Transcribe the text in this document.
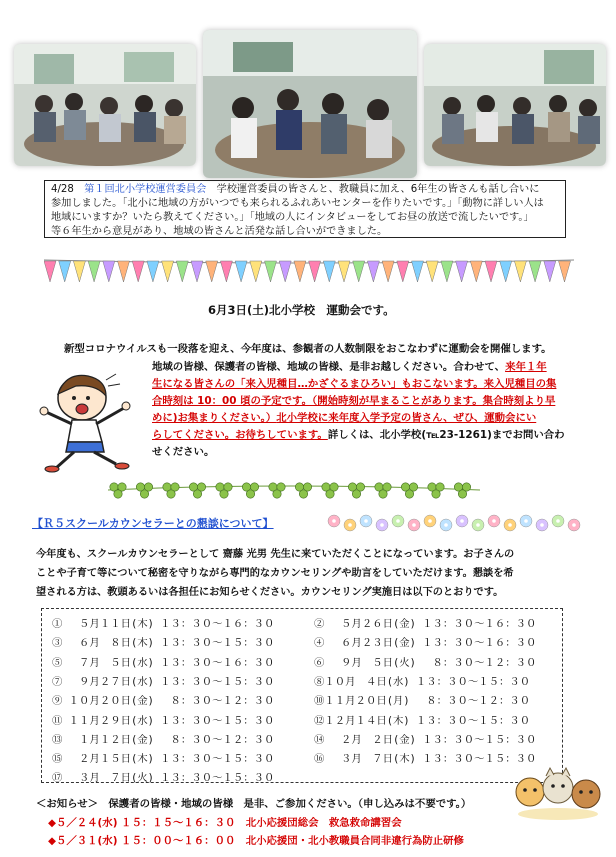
4/28　 第１回北小学校運営委員会　 学校運営委員の皆さんと、教職員に加え、6年生の皆さんも話し合いに
参加しました。「北小に地域の方がいつでも来られるふれあいセンターを作りたいです。」「動物に詳しい人は
地域にいますか？いたら教えてください。」「地域の人にインタビューをしてお昼の放送で流したいです。」
等６年生から意見があり、地域の皆さんと活発な話し合いができました。
6月3日(土)北小学校　運動会です。
新型コロナウイルスも一段落を迎え、今年度は、参観者の人数制限をおこなわずに運動会を開催します。
地域の皆様、保護者の皆様、地域の皆様、是非お越しください。合わせて、来年１年
生になる皆さんの「来入児種目…かざぐるまひろい」もおこないます。来入児種目の集
合時刻は 10：00 頃の予定です。（開始時刻が早まることがあります。集合時刻より早
めに)お集まりください。）北小学校に来年度入学予定の皆さん、ぜひ、運動会にい
らしてください。お待ちしています。詳しくは、北小学校(℡23-1261)までお問い合わ
せください。
【Ｒ５スクールカウンセラーとの懇談について】
今年度も、スクールカウンセラーとして 齋藤 光男 先生に来ていただくことになっています。お子さんの
ことや子育て等について秘密を守りながら専門的なカウンセリングや助言をしていただけます。懇談を希
望される方は、教頭あるいは各担任にお知らせください。カウンセリング実施日は以下のとおりです。
①　 ５月１１日(木) １３：３０～１６：３０
③　 ６月　８日(木) １３：３０～１５：３０
⑤　 ７月　５日(水) １３：３０～１６：３０
⑦　 ９月２７日(水) １３：３０～１５：３０
⑨ １０月２０日(金)　 ８：３０～１２：３０
⑪ １１月２９日(水) １３：３０～１５：３０
⑬　 １月１２日(金)　 ８：３０～１２：３０
⑮　 ２月１５日(木) １３：３０～１５：３０
⑰　 ３月　７日(火) １３：３０～１５：３０
②　 ５月２６日(金) １３：３０～１６：３０
④　 ６月２３日(金) １３：３０～１６：３０
⑥　 ９月　５日(火)　 ８：３０～１２：３０
⑧１０月　４日(水) １３：３０～１５：３０
⑩１１月２０日(月)　 ８：３０～１２：３０
⑫１２月１４日(木) １３：３０～１５：３０
⑭　 ２月　２日(金) １３：３０～１５：３０
⑯　 ３月　７日(木) １３：３０～１５：３０
＜お知らせ＞　保護者の皆様・地域の皆様　是非、ご参加ください。（申し込みは不要です。）
◆５／２４(水) １５：１５～１６：３０　 北小応援団総会　救急救命講習会
◆５／３１(水) １５：００～１６：００　 北小応援団・北小教職員合同非違行為防止研修
